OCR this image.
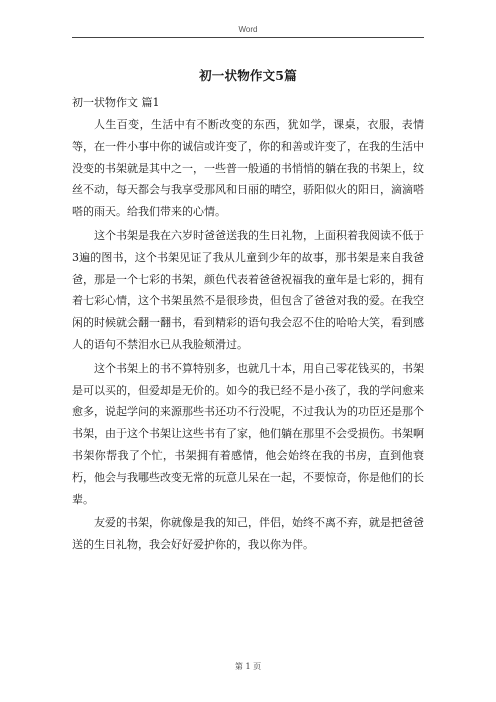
Word
初一状物作文5篇
初一状物作文 篇1

人生百变，生活中有不断改变的东西，犹如学，课桌，衣服，表情等，在一件小事中你的诚信或许变了，你的和善或许变了，在我的生活中没变的书架就是其中之一，一些普一般通的书悄悄的躺在我的书架上，纹丝不动，每天都会与我享受那风和日丽的晴空，骄阳似火的阳日，滴滴嗒嗒的雨天。给我们带来的心情。

这个书架是我在六岁时爸爸送我的生日礼物，上面积着我阅读不低于3遍的图书，这个书架见证了我从儿童到少年的故事，那书架是来自我爸爸，那是一个七彩的书架，颜色代表着爸爸祝福我的童年是七彩的，拥有着七彩心情，这个书架虽然不是很珍贵，但包含了爸爸对我的爱。在我空闲的时候就会翻一翻书，看到精彩的语句我会忍不住的哈哈大笑，看到感人的语句不禁泪水已从我脸颊滑过。

这个书架上的书不算特别多，也就几十本，用自己零花钱买的，书架是可以买的，但爱却是无价的。如今的我已经不是小孩了，我的学问愈来愈多，说起学问的来源那些书还功不行没呢，不过我认为的功臣还是那个书架，由于这个书架让这些书有了家，他们躺在那里不会受损伤。书架啊书架你帮我了个忙，书架拥有着感情，他会始终在我的书房，直到他衰朽，他会与我哪些改变无常的玩意儿呆在一起，不要惊奇，你是他们的长辈。

友爱的书架，你就像是我的知己，伴侣，始终不离不弃，就是把爸爸送的生日礼物，我会好好爱护你的，我以你为伴。

第 1 页
